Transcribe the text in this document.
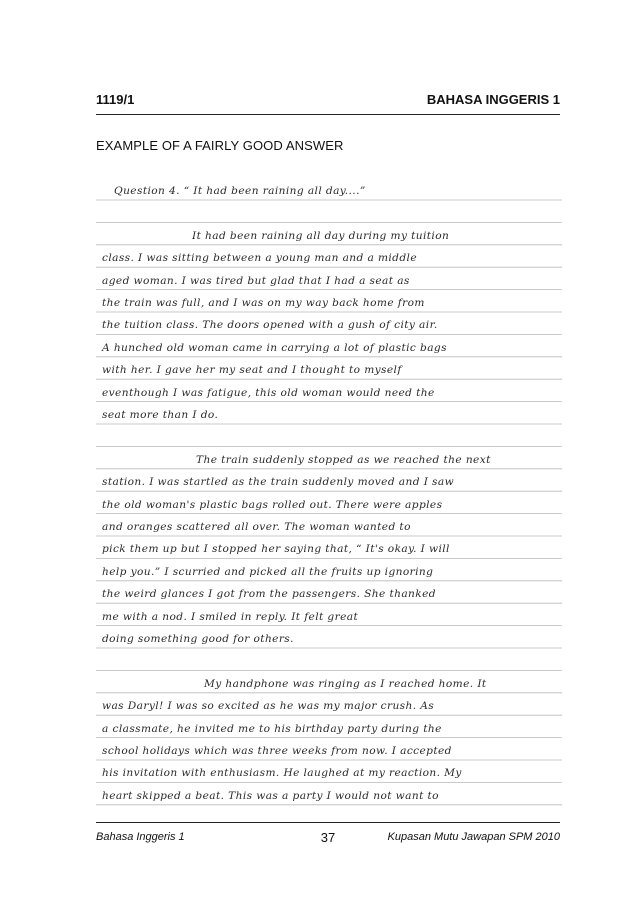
1119/1	BAHASA INGGERIS 1
EXAMPLE OF A FAIRLY GOOD ANSWER
Question 4. “ It had been raining all day....”
It had been raining all day during my tuition
class. I was sitting between a young man and a middle
aged woman. I was tired but glad that I had a seat as
the train was full, and I was on my way back home from
the tuition class. The doors opened with a gush of city air.
A hunched old woman came in carrying a lot of plastic bags
with her. I gave her my seat and I thought to myself
eventhough I was fatigue, this old woman would need the
seat more than I do.
The train suddenly stopped as we reached the next
station. I was startled as the train suddenly moved and I saw
the old woman's plastic bags rolled out. There were apples
and oranges scattered all over. The woman wanted to
pick them up but I stopped her saying that, “ It's okay. I will
help you.” I scurried and picked all the fruits up ignoring
the weird glances I got from the passengers. She thanked
me with a nod. I smiled in reply. It felt great
doing something good for others.
My handphone was ringing as I reached home. It
was Daryl! I was so excited as he was my major crush. As
a classmate, he invited me to his birthday party during the
school holidays which was three weeks from now. I accepted
his invitation with enthusiasm. He laughed at my reaction. My
heart skipped a beat. This was a party I would not want to
Bahasa Inggeris 1	37	Kupasan Mutu Jawapan SPM 2010
